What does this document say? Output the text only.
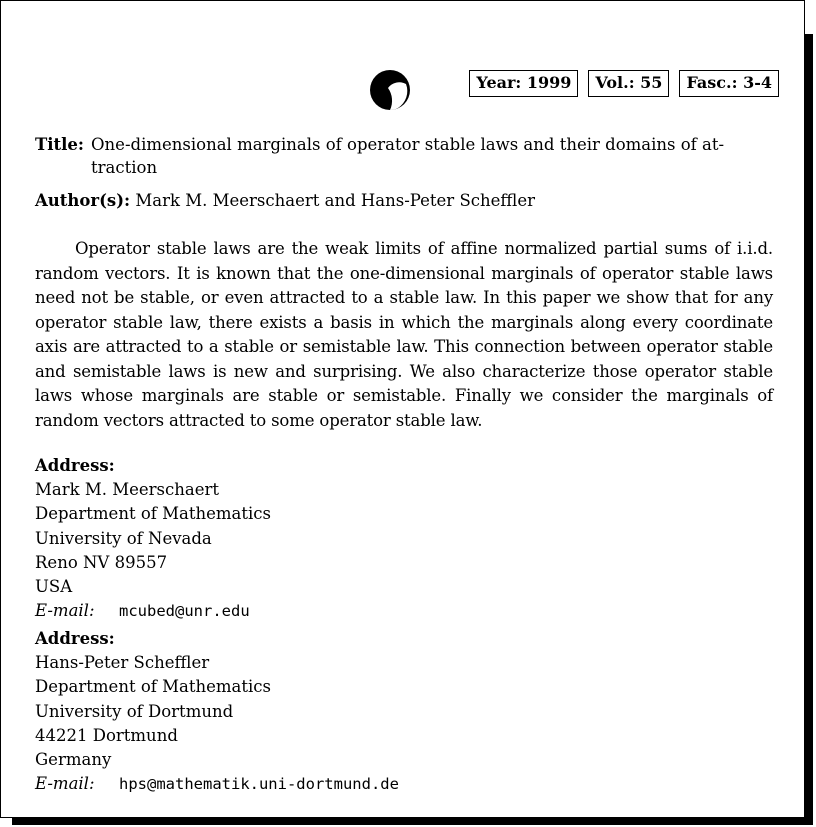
Year: 1999	Vol.: 55	Fasc.: 3-4
Title: One-dimensional marginals of operator stable laws and their domains of at-
traction
Author(s): Mark M. Meerschaert and Hans-Peter Scheffler
Operator stable laws are the weak limits of affine normalized partial sums of i.i.d. random vectors. It is known that the one-dimensional marginals of operator stable laws need not be stable, or even attracted to a stable law. In this paper we show that for any operator stable law, there exists a basis in which the marginals along every coordinate axis are attracted to a stable or semistable law. This connection between operator stable and semistable laws is new and surprising. We also characterize those operator stable laws whose marginals are stable or semistable. Finally we consider the marginals of random vectors attracted to some operator stable law.
Address:
Mark M. Meerschaert
Department of Mathematics
University of Nevada
Reno NV 89557
USA
E-mail: mcubed@unr.edu
Address:
Hans-Peter Scheffler
Department of Mathematics
University of Dortmund
44221 Dortmund
Germany
E-mail: hps@mathematik.uni-dortmund.de
